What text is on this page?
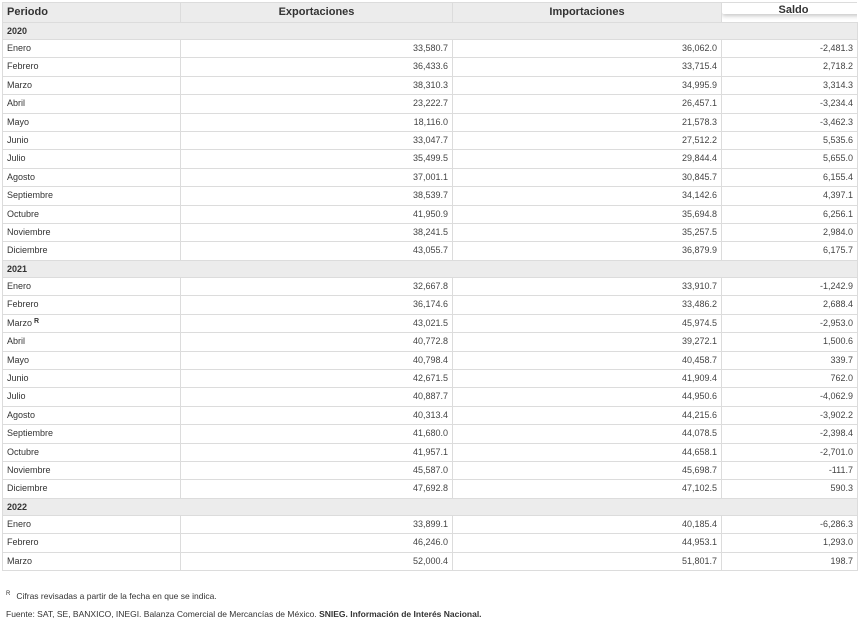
Periodo	Exportaciones	Importaciones	Saldo

2020			
Enero	33,580.7	36,062.0	-2,481.3
Febrero	36,433.6	33,715.4	2,718.2
Marzo	38,310.3	34,995.9	3,314.3
Abril	23,222.7	26,457.1	-3,234.4
Mayo	18,116.0	21,578.3	-3,462.3
Junio	33,047.7	27,512.2	5,535.6
Julio	35,499.5	29,844.4	5,655.0
Agosto	37,001.1	30,845.7	6,155.4
Septiembre	38,539.7	34,142.6	4,397.1
Octubre	41,950.9	35,694.8	6,256.1
Noviembre	38,241.5	35,257.5	2,984.0
Diciembre	43,055.7	36,879.9	6,175.7
2021			
Enero	32,667.8	33,910.7	-1,242.9
Febrero	36,174.6	33,486.2	2,688.4
Marzo $^R$	43,021.5	45,974.5	-2,953.0
Abril	40,772.8	39,272.1	1,500.6
Mayo	40,798.4	40,458.7	339.7
Junio	42,671.5	41,909.4	762.0
Julio	40,887.7	44,950.6	-4,062.9
Agosto	40,313.4	44,215.6	-3,902.2
Septiembre	41,680.0	44,078.5	-2,398.4
Octubre	41,957.1	44,658.1	-2,701.0
Noviembre	45,587.0	45,698.7	-111.7
Diciembre	47,692.8	47,102.5	590.3
2022			
Enero	33,899.1	40,185.4	-6,286.3
Febrero	46,246.0	44,953.1	1,293.0
Marzo	52,000.4	51,801.7	198.7
$^R$ Cifras revisadas a partir de la fecha en que se indica.
Fuente: SAT, SE, BANXICO, INEGI. Balanza Comercial de Mercancías de México. SNIEG. Información de Interés Nacional.
